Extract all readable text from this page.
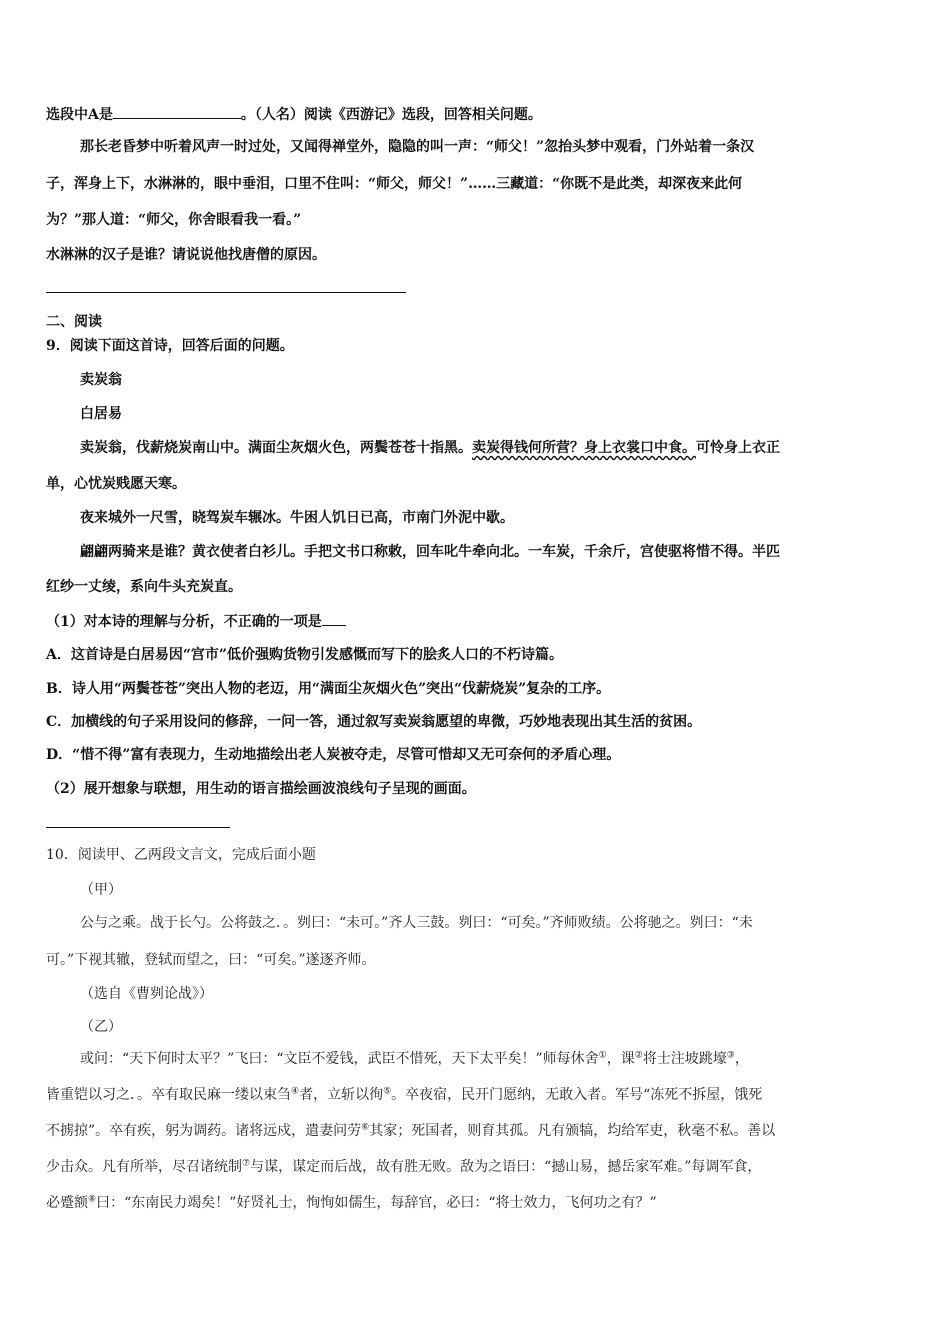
选段中A是	。（人名）阅读《西游记》选段，回答相关问题。
那长老昏梦中听着风声一时过处，又闻得禅堂外，隐隐的叫一声：“师父！”忽抬头梦中观看，门外站着一条汉
子，浑身上下，水淋淋的，眼中垂泪，口里不住叫：“师父，师父！”……三藏道：“你既不是此类，却深夜来此何
为？”那人道：“师父，你舍眼看我一看。”
水淋淋的汉子是谁？请说说他找唐僧的原因。
二、阅读
9．阅读下面这首诗，回答后面的问题。
卖炭翁
白居易
卖炭翁，伐薪烧炭南山中。满面尘灰烟火色，两鬓苍苍十指黑。卖炭得钱何所营？身上衣裳口中食。可怜身上衣正
单，心忧炭贱愿天寒。
夜来城外一尺雪，晓驾炭车辗冰。牛困人饥日已高，市南门外泥中歇。
翩翩两骑来是谁？黄衣使者白衫儿。手把文书口称敕，回车叱牛牵向北。一车炭，千余斤，宫使驱将惜不得。半匹
红纱一丈绫，系向牛头充炭直。
（1）对本诗的理解与分析，不正确的一项是
A．这首诗是白居易因“宫市”低价强购货物引发感慨而写下的脍炙人口的不朽诗篇。
B．诗人用“两鬓苍苍”突出人物的老迈，用“满面尘灰烟火色”突出“伐薪烧炭”复杂的工序。
C．加横线的句子采用设问的修辞，一问一答，通过叙写卖炭翁愿望的卑微，巧妙地表现出其生活的贫困。
D．“惜不得”富有表现力，生动地描绘出老人炭被夺走，尽管可惜却又无可奈何的矛盾心理。
（2）展开想象与联想，用生动的语言描绘画波浪线句子呈现的画面。
10．阅读甲、乙两段文言文，完成后面小题
（甲）
公与之乘。战于长勺。公将鼓之．。刿曰：“未可。”齐人三鼓。刿曰：“可矣。”齐师败绩。公将驰之。刿曰：“未
可。”下视其辙，登轼而望之，曰：“可矣。”遂逐齐师。
（选自《曹刿论战》）
（乙）
或问：“天下何时太平？”飞曰：“文臣不爱钱，武臣不惜死，天下太平矣！”师每休舍①，课②将士注坡跳壕③，
皆重铠以习之．。卒有取民麻一缕以束刍④者，立斩以徇⑤。卒夜宿，民开门愿纳，无敢入者。军号“冻死不拆屋，饿死
不掳掠”。卒有疾，躬为调药。诸将远戍，遣妻问劳⑥其家；死国者，则育其孤。凡有颁犒，均给军吏，秋毫不私。善以
少击众。凡有所举，尽召诸统制⑦与谋，谋定而后战，故有胜无败。敌为之语曰：“撼山易，撼岳家军难。”每调军食，
必蹙额⑧曰：“东南民力竭矣！”好贤礼士，恂恂如儒生，每辞官，必曰：“将士效力，飞何功之有？”
